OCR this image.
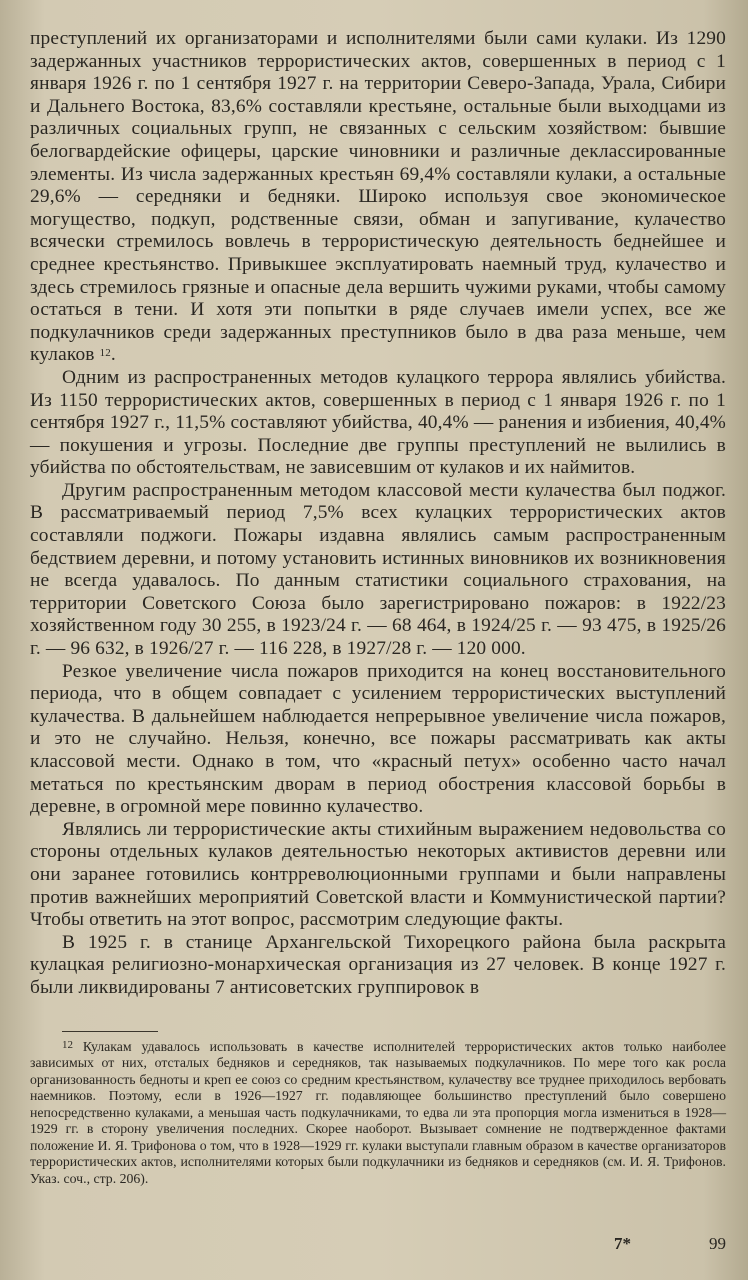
преступлений их организаторами и исполнителями были сами кулаки. Из 1290 задержанных участников террористических актов, совершенных в период с 1 января 1926 г. по 1 сентября 1927 г. на территории Северо-Запада, Урала, Сибири и Дальнего Востока, 83,6% составляли крестьяне, остальные были выходцами из различных социальных групп, не связанных с сельским хозяйством: бывшие белогвардейские офицеры, царские чиновники и различные деклассированные элементы. Из числа задержанных крестьян 69,4% составляли кулаки, а остальные 29,6% — середняки и бедняки. Широко используя свое экономическое могущество, подкуп, родственные связи, обман и запугивание, кулачество всячески стремилось вовлечь в террористическую деятельность беднейшее и среднее крестьянство. Привыкшее эксплуатировать наемный труд, кулачество и здесь стремилось грязные и опасные дела вершить чужими руками, чтобы самому остаться в тени. И хотя эти попытки в ряде случаев имели успех, все же подкулачников среди задержанных преступников было в два раза меньше, чем кулаков $^{12}$.

Одним из распространенных методов кулацкого террора являлись убийства. Из 1150 террористических актов, совершенных в период с 1 января 1926 г. по 1 сентября 1927 г., 11,5% составляют убийства, 40,4% — ранения и избиения, 40,4% — покушения и угрозы. Последние две группы преступлений не вылились в убийства по обстоятельствам, не зависевшим от кулаков и их наймитов.

Другим распространенным методом классовой мести кулачества был поджог. В рассматриваемый период 7,5% всех кулацких террористических актов составляли поджоги. Пожары издавна являлись самым распространенным бедствием деревни, и потому установить истинных виновников их возникновения не всегда удавалось. По данным статистики социального страхования, на территории Советского Союза было зарегистрировано пожаров: в 1922/23 хозяйственном году 30 255, в 1923/24 г. — 68 464, в 1924/25 г. — 93 475, в 1925/26 г. — 96 632, в 1926/27 г. — 116 228, в 1927/28 г. — 120 000.

Резкое увеличение числа пожаров приходится на конец восстановительного периода, что в общем совпадает с усилением террористических выступлений кулачества. В дальнейшем наблюдается непрерывное увеличение числа пожаров, и это не случайно. Нельзя, конечно, все пожары рассматривать как акты классовой мести. Однако в том, что «красный петух» особенно часто начал метаться по крестьянским дворам в период обострения классовой борьбы в деревне, в огромной мере повинно кулачество.

Являлись ли террористические акты стихийным выражением недовольства со стороны отдельных кулаков деятельностью некоторых активистов деревни или они заранее готовились контрреволюционными группами и были направлены против важнейших мероприятий Советской власти и Коммунистической партии? Чтобы ответить на этот вопрос, рассмотрим следующие факты.

В 1925 г. в станице Архангельской Тихорецкого района была раскрыта кулацкая религиозно-монархическая организация из 27 человек. В конце 1927 г. были ликвидированы 7 антисоветских группировок в

$^{12}$ Кулакам удавалось использовать в качестве исполнителей террористических актов только наиболее зависимых от них, отсталых бедняков и середняков, так называемых подкулачников. По мере того как росла организованность бедноты и креп ее союз со средним крестьянством, кулачеству все труднее приходилось вербовать наемников. Поэтому, если в 1926—1927 гг. подавляющее большинство преступлений было совершено непосредственно кулаками, а меньшая часть подкулачниками, то едва ли эта пропорция могла измениться в 1928—1929 гг. в сторону увеличения последних. Скорее наоборот. Вызывает сомнение не подтвержденное фактами положение И. Я. Трифонова о том, что в 1928—1929 гг. кулаки выступали главным образом в качестве организаторов террористических актов, исполнителями которых были подкулачники из бедняков и середняков (см. И. Я. Трифонов. Указ. соч., стр. 206).

7*	99
